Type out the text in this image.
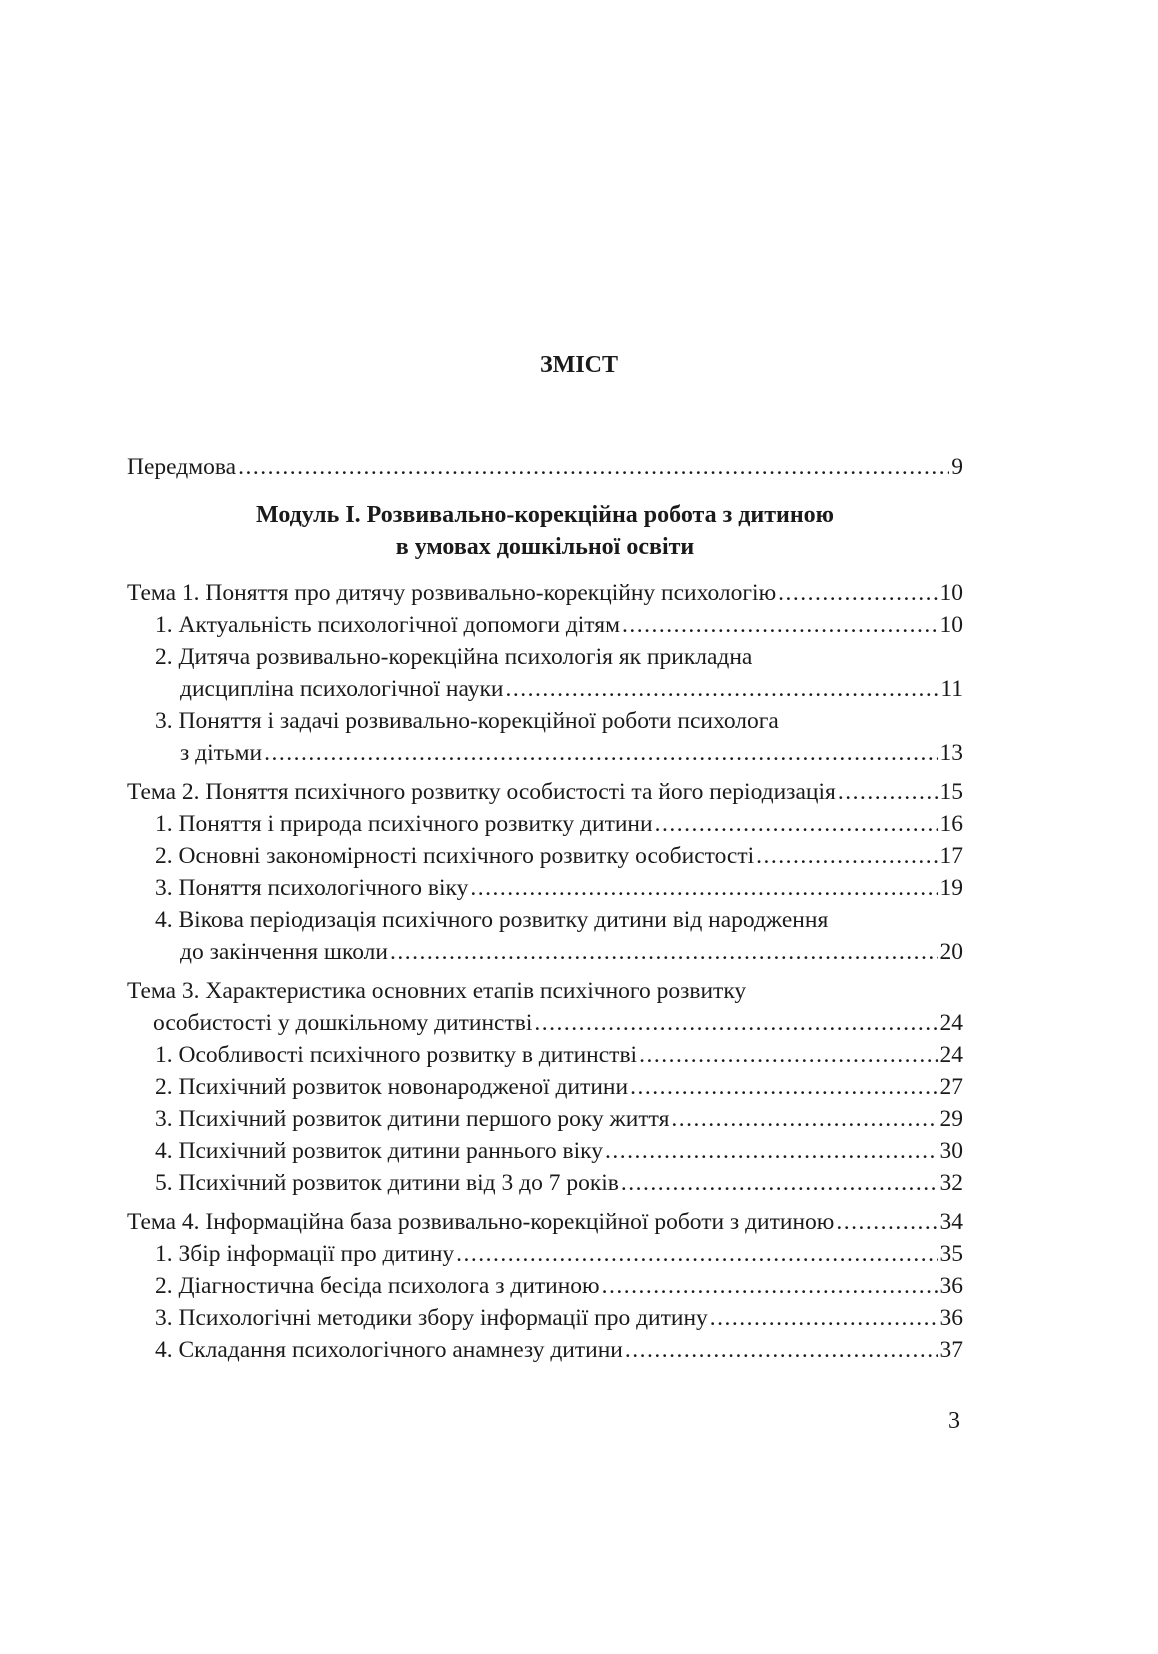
ЗМІСТ
Передмова .....	9
Модуль І. Розвивально-корекційна робота з дитиною
в умовах дошкільної освіти
Тема 1. Поняття про дитячу розвивально-корекційну психологію .....	10
1. Актуальність психологічної допомоги дітям .....	10
2. Дитяча розвивально-корекційна психологія як прикладна
дисципліна психологічної науки .....	11
3. Поняття і задачі розвивально-корекційної роботи психолога
з дітьми .....	13
Тема 2. Поняття психічного розвитку особистості та його періодизація .....	15
1. Поняття і природа психічного розвитку дитини .....	16
2. Основні закономірності психічного розвитку особистості .....	17
3. Поняття психологічного віку .....	19
4. Вікова періодизація психічного розвитку дитини від народження
до закінчення школи .....	20
Тема 3. Характеристика основних етапів психічного розвитку
особистості у дошкільному дитинстві .....	24
1. Особливості психічного розвитку в дитинстві .....	24
2. Психічний розвиток новонародженої дитини .....	27
3. Психічний розвиток дитини першого року життя .....	29
4. Психічний розвиток дитини раннього віку .....	30
5. Психічний розвиток дитини від 3 до 7 років .....	32
Тема 4. Інформаційна база розвивально-корекційної роботи з дитиною .....	34
1. Збір інформації про дитину .....	35
2. Діагностична бесіда психолога з дитиною .....	36
3. Психологічні методики збору інформації про дитину .....	36
4. Складання психологічного анамнезу дитини .....	37
3
